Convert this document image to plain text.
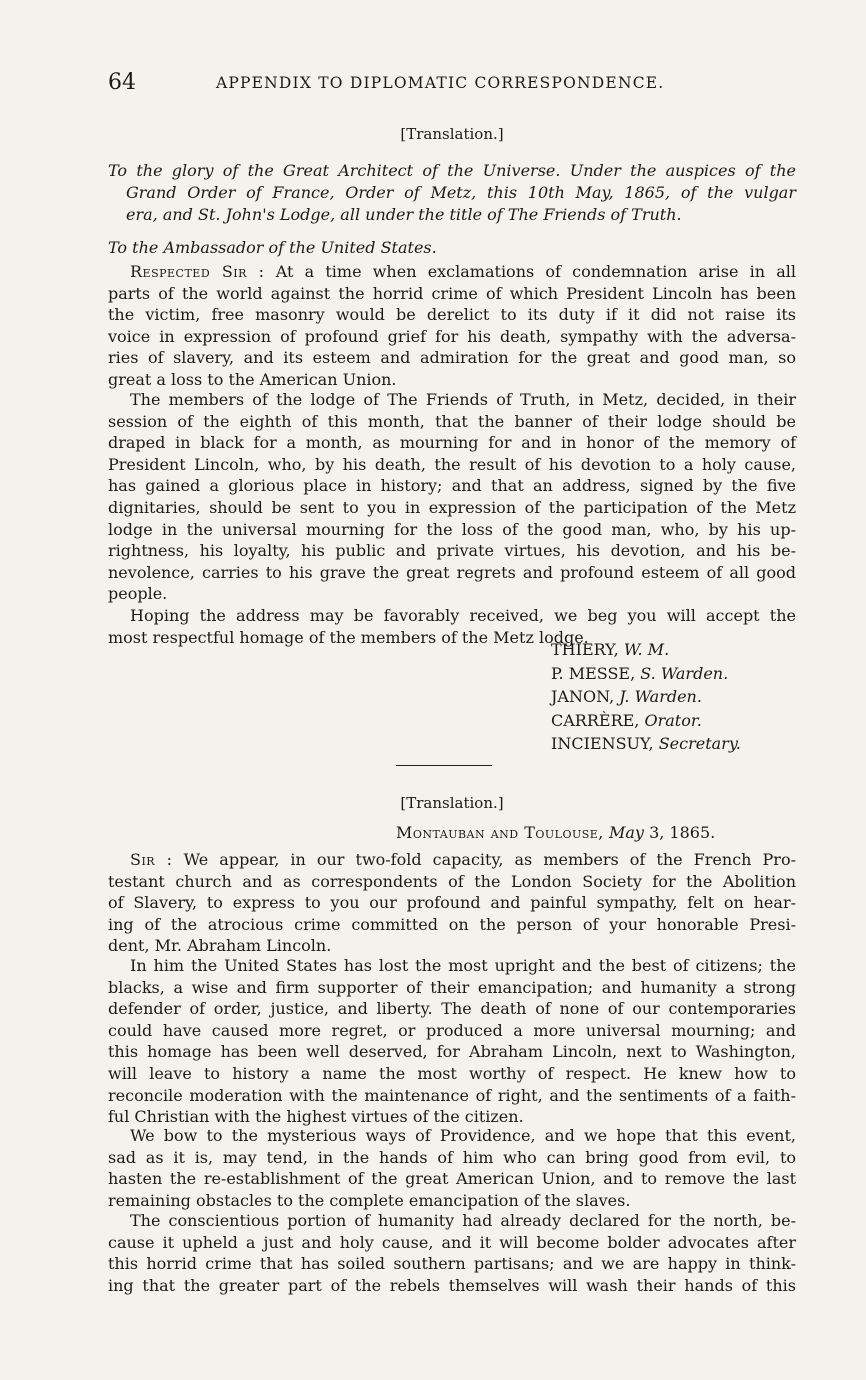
64	APPENDIX TO DIPLOMATIC CORRESPONDENCE.
[Translation.]
To the glory of the Great Architect of the Universe. Under the auspices of the
Grand Order of France, Order of Metz, this 10th May, 1865, of the vulgar
era, and St. John's Lodge, all under the title of The Friends of Truth.
To the Ambassador of the United States.
Respected Sir : At a time when exclamations of condemnation arise in all
parts of the world against the horrid crime of which President Lincoln has been
the victim, free masonry would be derelict to its duty if it did not raise its
voice in expression of profound grief for his death, sympathy with the adversa-
ries of slavery, and its esteem and admiration for the great and good man, so
great a loss to the American Union.
The members of the lodge of The Friends of Truth, in Metz, decided, in their
session of the eighth of this month, that the banner of their lodge should be
draped in black for a month, as mourning for and in honor of the memory of
President Lincoln, who, by his death, the result of his devotion to a holy cause,
has gained a glorious place in history; and that an address, signed by the five
dignitaries, should be sent to you in expression of the participation of the Metz
lodge in the universal mourning for the loss of the good man, who, by his up-
rightness, his loyalty, his public and private virtues, his devotion, and his be-
nevolence, carries to his grave the great regrets and profound esteem of all good
people.
Hoping the address may be favorably received, we beg you will accept the
most respectful homage of the members of the Metz lodge.
THIERY, W. M.
P. MESSE, S. Warden.
JANON, J. Warden.
CARRÈRE, Orator.
INCIENSUY, Secretary.
[Translation.]
Montauban and Toulouse, May 3, 1865.
Sir : We appear, in our two-fold capacity, as members of the French Pro-
testant church and as correspondents of the London Society for the Abolition
of Slavery, to express to you our profound and painful sympathy, felt on hear-
ing of the atrocious crime committed on the person of your honorable Presi-
dent, Mr. Abraham Lincoln.
In him the United States has lost the most upright and the best of citizens; the
blacks, a wise and firm supporter of their emancipation; and humanity a strong
defender of order, justice, and liberty. The death of none of our contemporaries
could have caused more regret, or produced a more universal mourning; and
this homage has been well deserved, for Abraham Lincoln, next to Washington,
will leave to history a name the most worthy of respect. He knew how to
reconcile moderation with the maintenance of right, and the sentiments of a faith-
ful Christian with the highest virtues of the citizen.
We bow to the mysterious ways of Providence, and we hope that this event,
sad as it is, may tend, in the hands of him who can bring good from evil, to
hasten the re-establishment of the great American Union, and to remove the last
remaining obstacles to the complete emancipation of the slaves.
The conscientious portion of humanity had already declared for the north, be-
cause it upheld a just and holy cause, and it will become bolder advocates after
this horrid crime that has soiled southern partisans; and we are happy in think-
ing that the greater part of the rebels themselves will wash their hands of this
